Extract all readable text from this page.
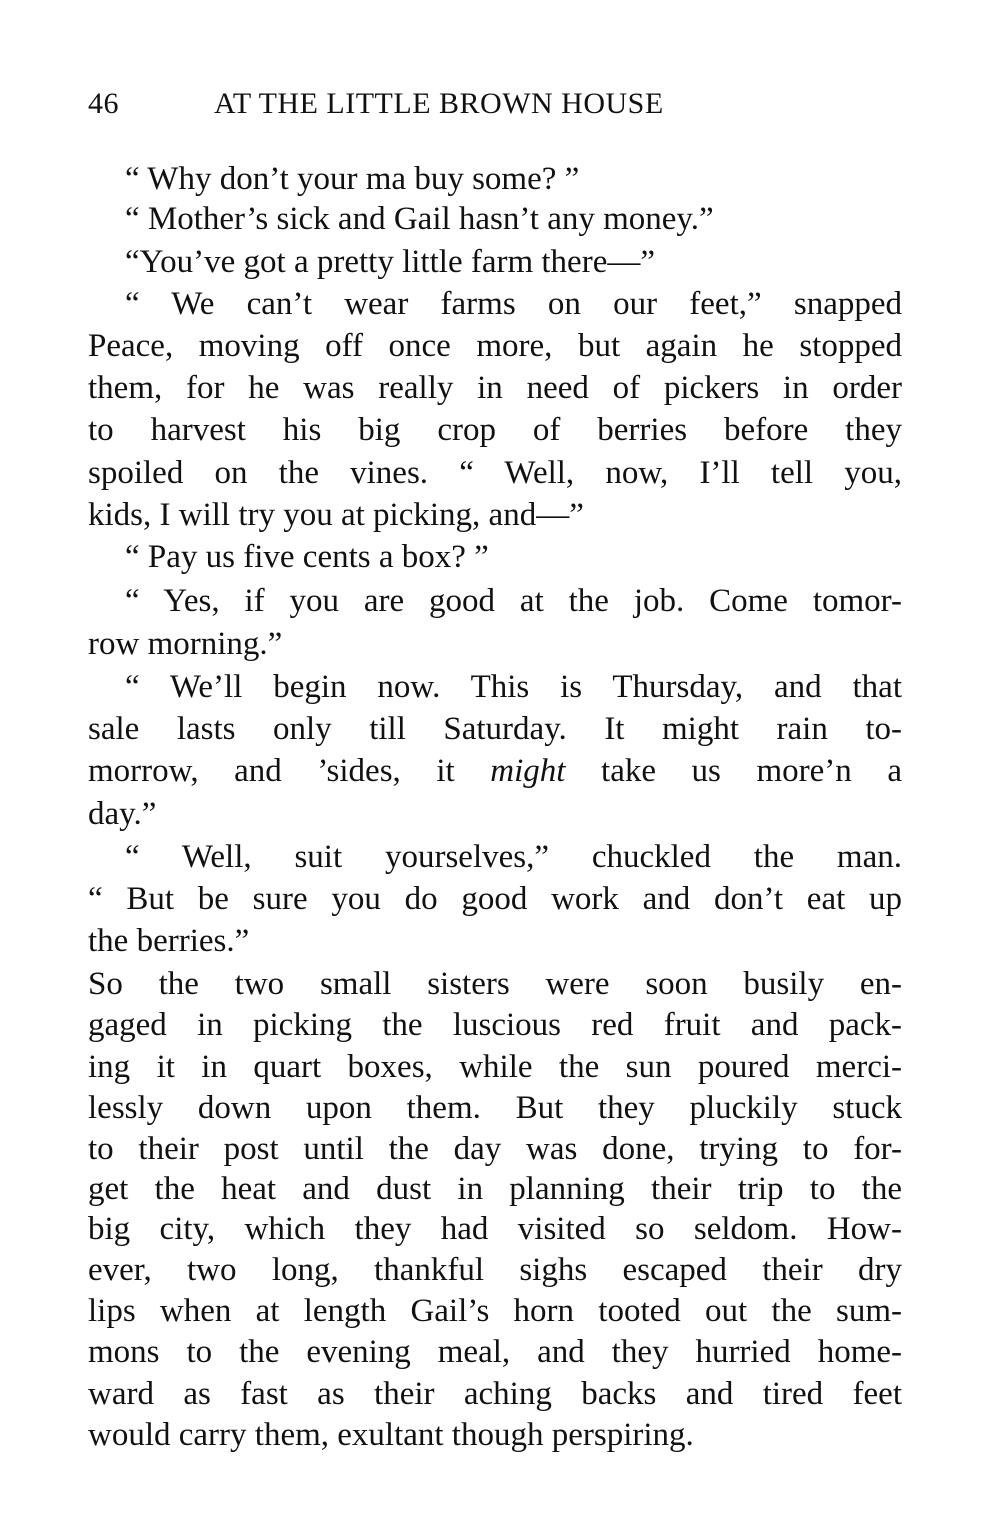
46	AT THE LITTLE BROWN HOUSE
“ Why don’t your ma buy some? ”
“ Mother’s sick and Gail hasn’t any money.”
“You’ve got a pretty little farm there—”
“ We can’t wear farms on our feet,” snapped
Peace, moving off once more, but again he stopped
them, for he was really in need of pickers in order
to harvest his big crop of berries before they
spoiled on the vines. “ Well, now, I’ll tell you,
kids, I will try you at picking, and—”
“ Pay us five cents a box? ”
“ Yes, if you are good at the job. Come tomor-
row morning.”
“ We’ll begin now. This is Thursday, and that
sale lasts only till Saturday. It might rain to-
morrow, and ’sides, it might take us more’n a
day.”
“ Well, suit yourselves,” chuckled the man.
“ But be sure you do good work and don’t eat up
the berries.”
So the two small sisters were soon busily en-
gaged in picking the luscious red fruit and pack-
ing it in quart boxes, while the sun poured merci-
lessly down upon them. But they pluckily stuck
to their post until the day was done, trying to for-
get the heat and dust in planning their trip to the
big city, which they had visited so seldom. How-
ever, two long, thankful sighs escaped their dry
lips when at length Gail’s horn tooted out the sum-
mons to the evening meal, and they hurried home-
ward as fast as their aching backs and tired feet
would carry them, exultant though perspiring.
